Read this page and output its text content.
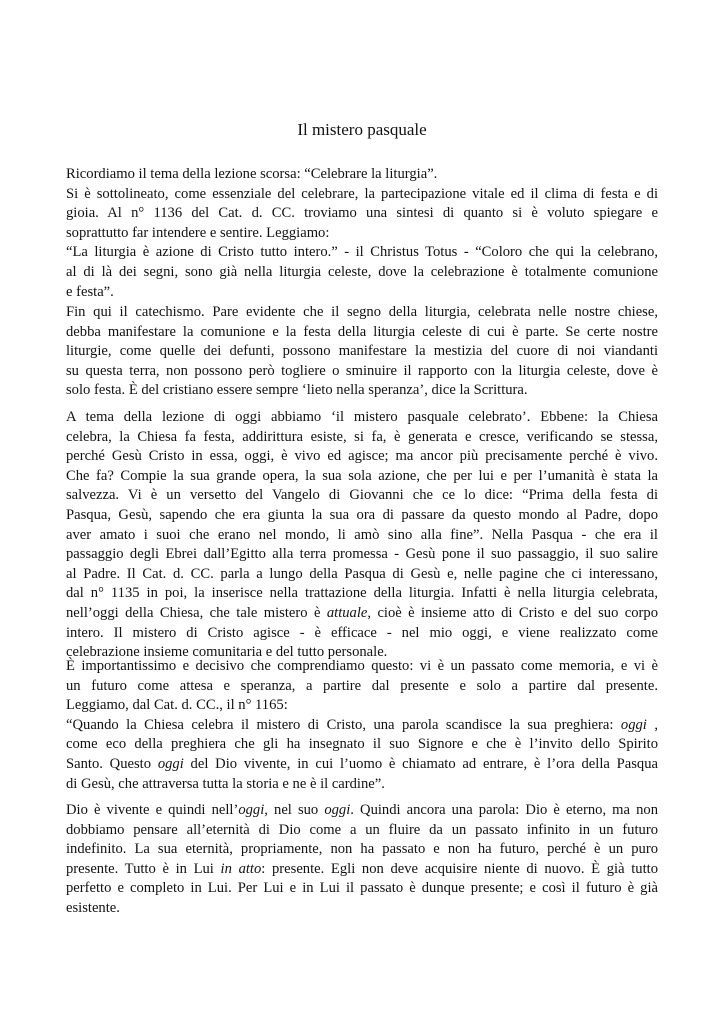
Il mistero pasquale

Ricordiamo il tema della lezione scorsa: “Celebrare la liturgia”.
Si è sottolineato, come essenziale del celebrare, la partecipazione vitale ed il clima di festa e di
gioia. Al n° 1136 del Cat. d. CC. troviamo una sintesi di quanto si è voluto spiegare e
soprattutto far intendere e sentire. Leggiamo:
“La liturgia è azione di Cristo tutto intero.” - il Christus Totus - “Coloro che qui la celebrano,
al di là dei segni, sono già nella liturgia celeste, dove la celebrazione è totalmente comunione
e festa”.

Fin qui il catechismo. Pare evidente che il segno della liturgia, celebrata nelle nostre chiese,
debba manifestare la comunione e la festa della liturgia celeste di cui è parte. Se certe nostre
liturgie, come quelle dei defunti, possono manifestare la mestizia del cuore di noi viandanti
su questa terra, non possono però togliere o sminuire il rapporto con la liturgia celeste, dove è
solo festa. È del cristiano essere sempre ‘lieto nella speranza’, dice la Scrittura.

A tema della lezione di oggi abbiamo ‘il mistero pasquale celebrato’. Ebbene: la Chiesa
celebra, la Chiesa fa festa, addirittura esiste, si fa, è generata e cresce, verificando se stessa,
perché Gesù Cristo in essa, oggi, è vivo ed agisce; ma ancor più precisamente perché è vivo.
Che fa? Compie la sua grande opera, la sua sola azione, che per lui e per l’umanità è stata la
salvezza. Vi è un versetto del Vangelo di Giovanni che ce lo dice: “Prima della festa di
Pasqua, Gesù, sapendo che era giunta la sua ora di passare da questo mondo al Padre, dopo
aver amato i suoi che erano nel mondo, li amò sino alla fine”. Nella Pasqua - che era il
passaggio degli Ebrei dall’Egitto alla terra promessa - Gesù pone il suo passaggio, il suo salire
al Padre. Il Cat. d. CC. parla a lungo della Pasqua di Gesù e, nelle pagine che ci interessano,
dal n° 1135 in poi, la inserisce nella trattazione della liturgia. Infatti è nella liturgia celebrata,
nell’oggi della Chiesa, che tale mistero è attuale, cioè è insieme atto di Cristo e del suo corpo
intero. Il mistero di Cristo agisce - è efficace - nel mio oggi, e viene realizzato come
celebrazione insieme comunitaria e del tutto personale.

È importantissimo e decisivo che comprendiamo questo: vi è un passato come memoria, e vi è
un futuro come attesa e speranza, a partire dal presente e solo a partire dal presente.
Leggiamo, dal Cat. d. CC., il n° 1165:
“Quando la Chiesa celebra il mistero di Cristo, una parola scandisce la sua preghiera: oggi ,
come eco della preghiera che gli ha insegnato il suo Signore e che è l’invito dello Spirito
Santo. Questo oggi del Dio vivente, in cui l’uomo è chiamato ad entrare, è l’ora della Pasqua
di Gesù, che attraversa tutta la storia e ne è il cardine”.

Dio è vivente e quindi nell’oggi, nel suo oggi. Quindi ancora una parola: Dio è eterno, ma non
dobbiamo pensare all’eternità di Dio come a un fluire da un passato infinito in un futuro
indefinito. La sua eternità, propriamente, non ha passato e non ha futuro, perché è un puro
presente. Tutto è in Lui in atto: presente. Egli non deve acquisire niente di nuovo. È già tutto
perfetto e completo in Lui. Per Lui e in Lui il passato è dunque presente; e così il futuro è già
esistente.
